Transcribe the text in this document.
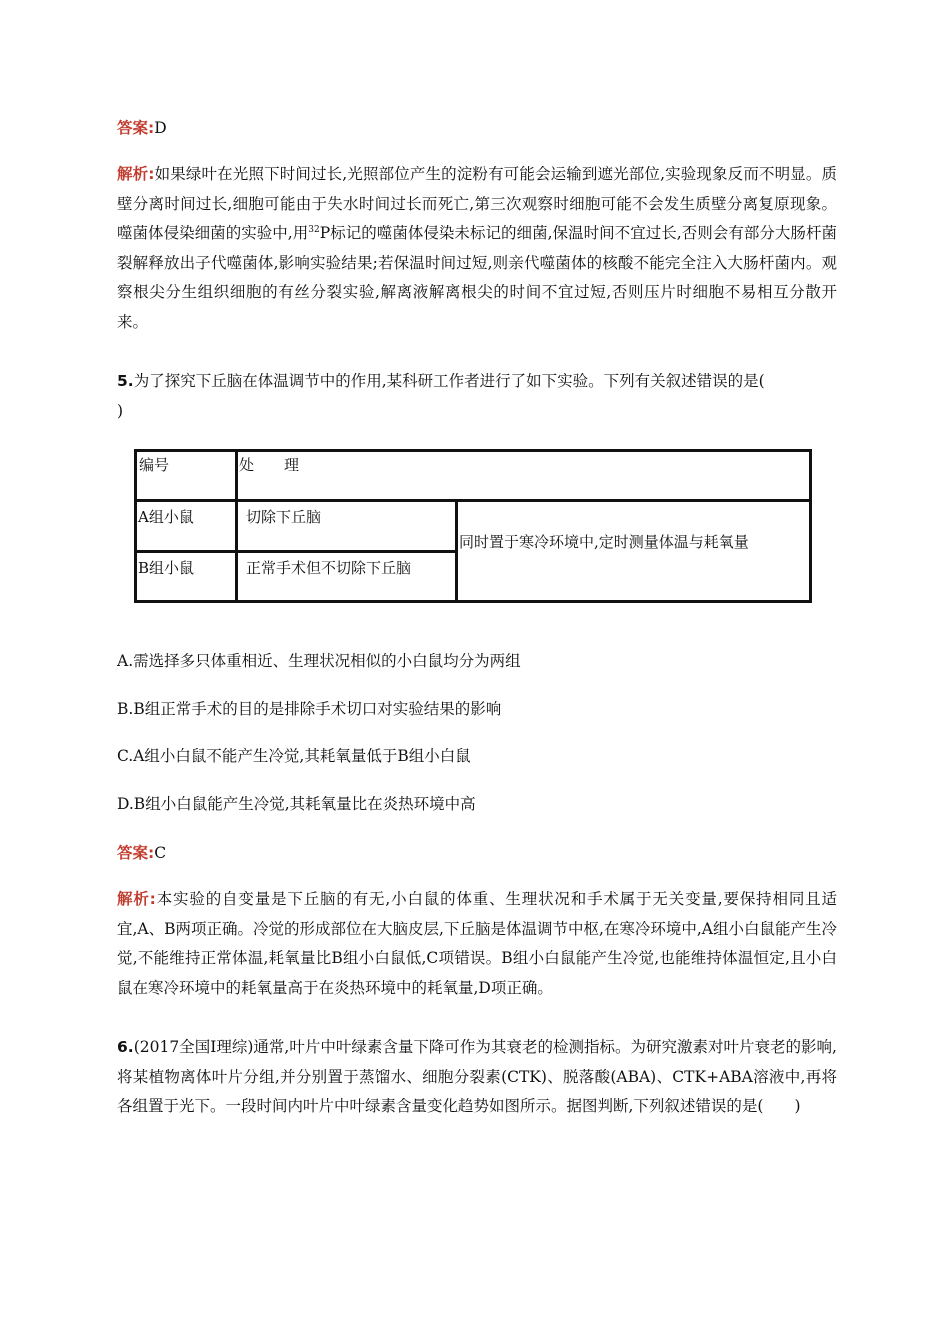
答案:D

解析:如果绿叶在光照下时间过长,光照部位产生的淀粉有可能会运输到遮光部位,实验现象反而不明显。质壁分离时间过长,细胞可能由于失水时间过长而死亡,第三次观察时细胞可能不会发生质壁分离复原现象。噬菌体侵染细菌的实验中,用$^{32}$P标记的噬菌体侵染未标记的细菌,保温时间不宜过长,否则会有部分大肠杆菌裂解释放出子代噬菌体,影响实验结果;若保温时间过短,则亲代噬菌体的核酸不能完全注入大肠杆菌内。观察根尖分生组织细胞的有丝分裂实验,解离液解离根尖的时间不宜过短,否则压片时细胞不易相互分散开来。

5.为了探究下丘脑在体温调节中的作用,某科研工作者进行了如下实验。下列有关叙述错误的是(
)

编号	处　　理
A组小鼠	切除下丘脑
B组小鼠	正常手术但不切除下丘脑
同时置于寒冷环境中,定时测量体温与耗氧量

A.需选择多只体重相近、生理状况相似的小白鼠均分为两组

B.B组正常手术的目的是排除手术切口对实验结果的影响

C.A组小白鼠不能产生冷觉,其耗氧量低于B组小白鼠

D.B组小白鼠能产生冷觉,其耗氧量比在炎热环境中高

答案:C

解析:本实验的自变量是下丘脑的有无,小白鼠的体重、生理状况和手术属于无关变量,要保持相同且适宜,A、B两项正确。冷觉的形成部位在大脑皮层,下丘脑是体温调节中枢,在寒冷环境中,A组小白鼠能产生冷觉,不能维持正常体温,耗氧量比B组小白鼠低,C项错误。B组小白鼠能产生冷觉,也能维持体温恒定,且小白鼠在寒冷环境中的耗氧量高于在炎热环境中的耗氧量,D项正确。

6.(2017全国Ⅰ理综)通常,叶片中叶绿素含量下降可作为其衰老的检测指标。为研究激素对叶片衰老的影响,将某植物离体叶片分组,并分别置于蒸馏水、细胞分裂素(CTK)、脱落酸(ABA)、CTK+ABA溶液中,再将各组置于光下。一段时间内叶片中叶绿素含量变化趋势如图所示。据图判断,下列叙述错误的是(　　)
